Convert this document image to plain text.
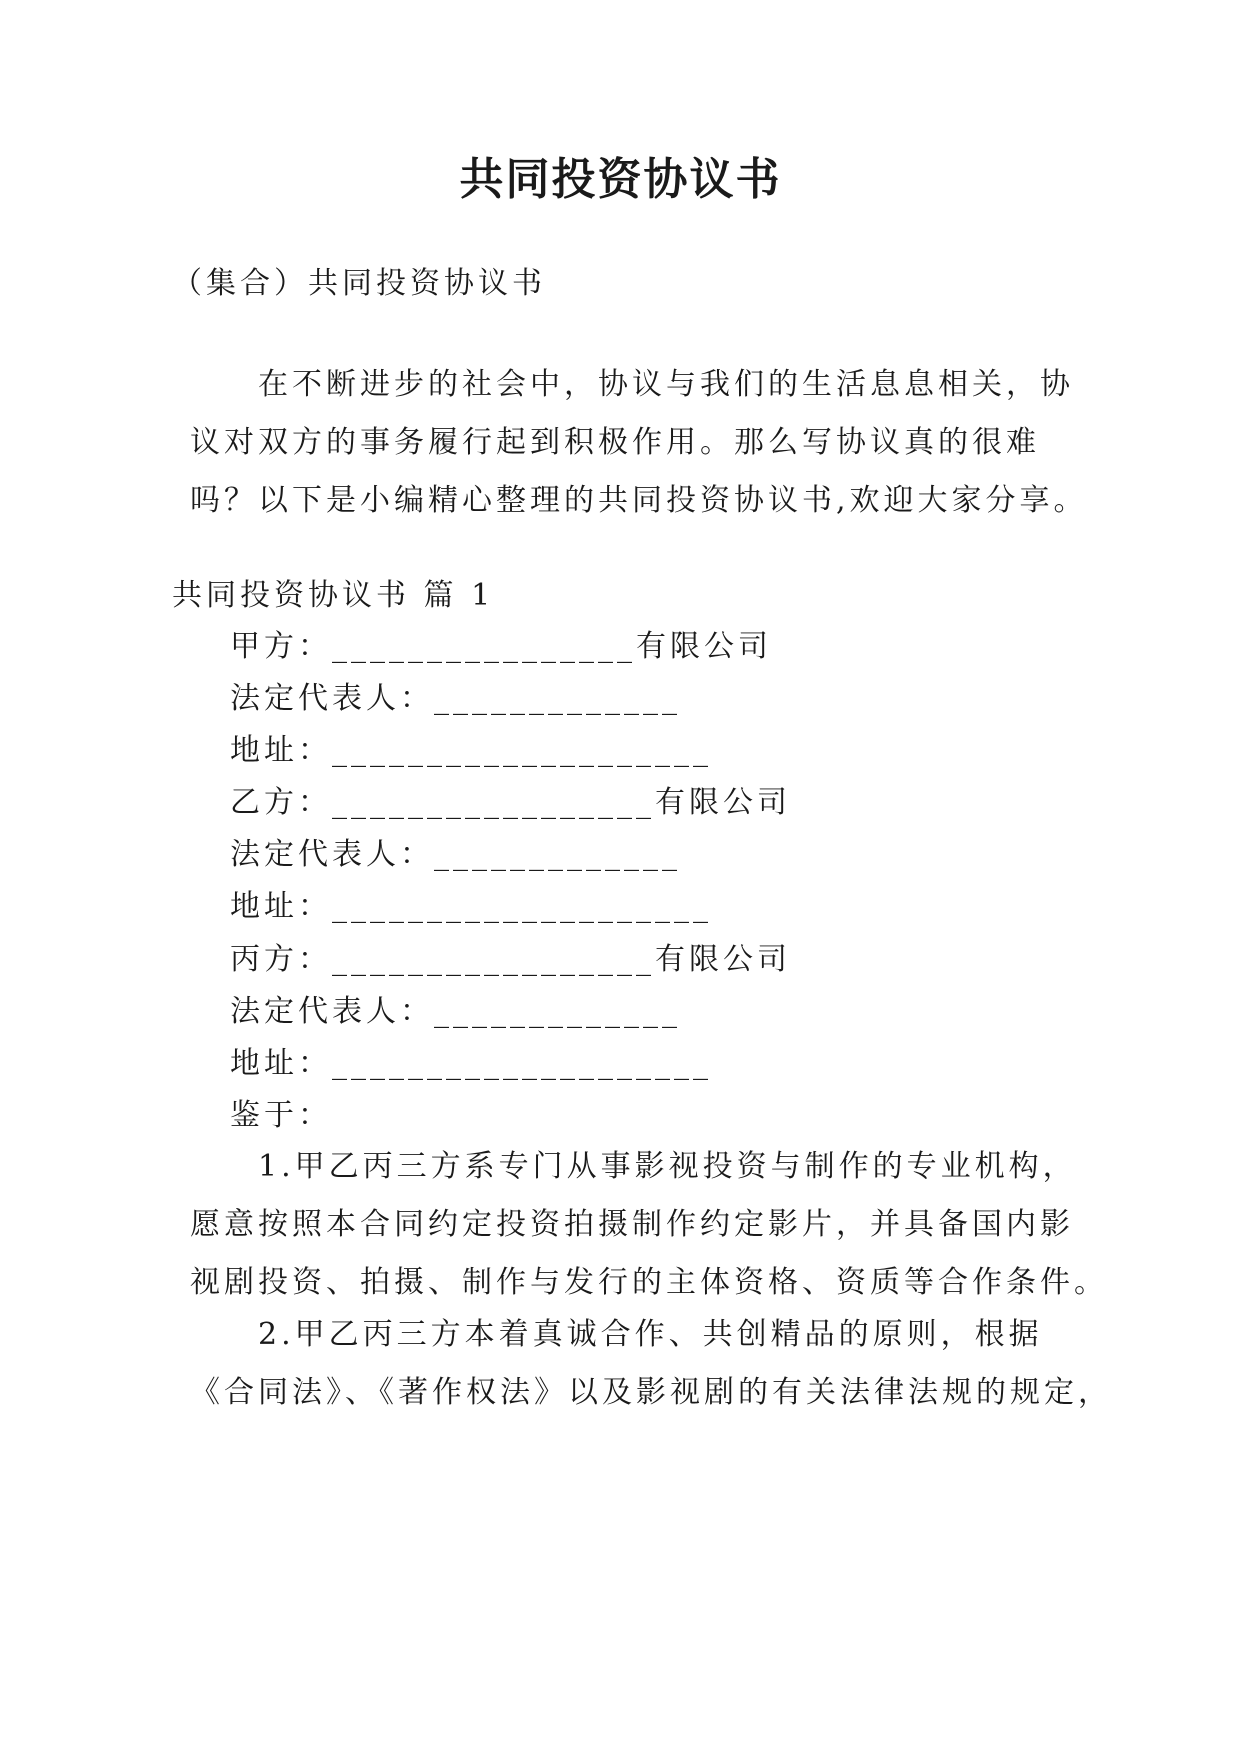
共同投资协议书
（集合）共同投资协议书
在不断进步的社会中，协议与我们的生活息息相关，协
议对双方的事务履行起到积极作用。那么写协议真的很难
吗？以下是小编精心整理的共同投资协议书,欢迎大家分享。
共同投资协议书 篇 1
甲方：________________有限公司
法定代表人：_____________
地址：____________________
乙方：_________________有限公司
法定代表人：_____________
地址：____________________
丙方：_________________有限公司
法定代表人：_____________
地址：____________________
鉴于：
1.甲乙丙三方系专门从事影视投资与制作的专业机构，
愿意按照本合同约定投资拍摄制作约定影片，并具备国内影
视剧投资、拍摄、制作与发行的主体资格、资质等合作条件。
2.甲乙丙三方本着真诚合作、共创精品的原则，根据
《合同法》、《著作权法》以及影视剧的有关法律法规的规定，
